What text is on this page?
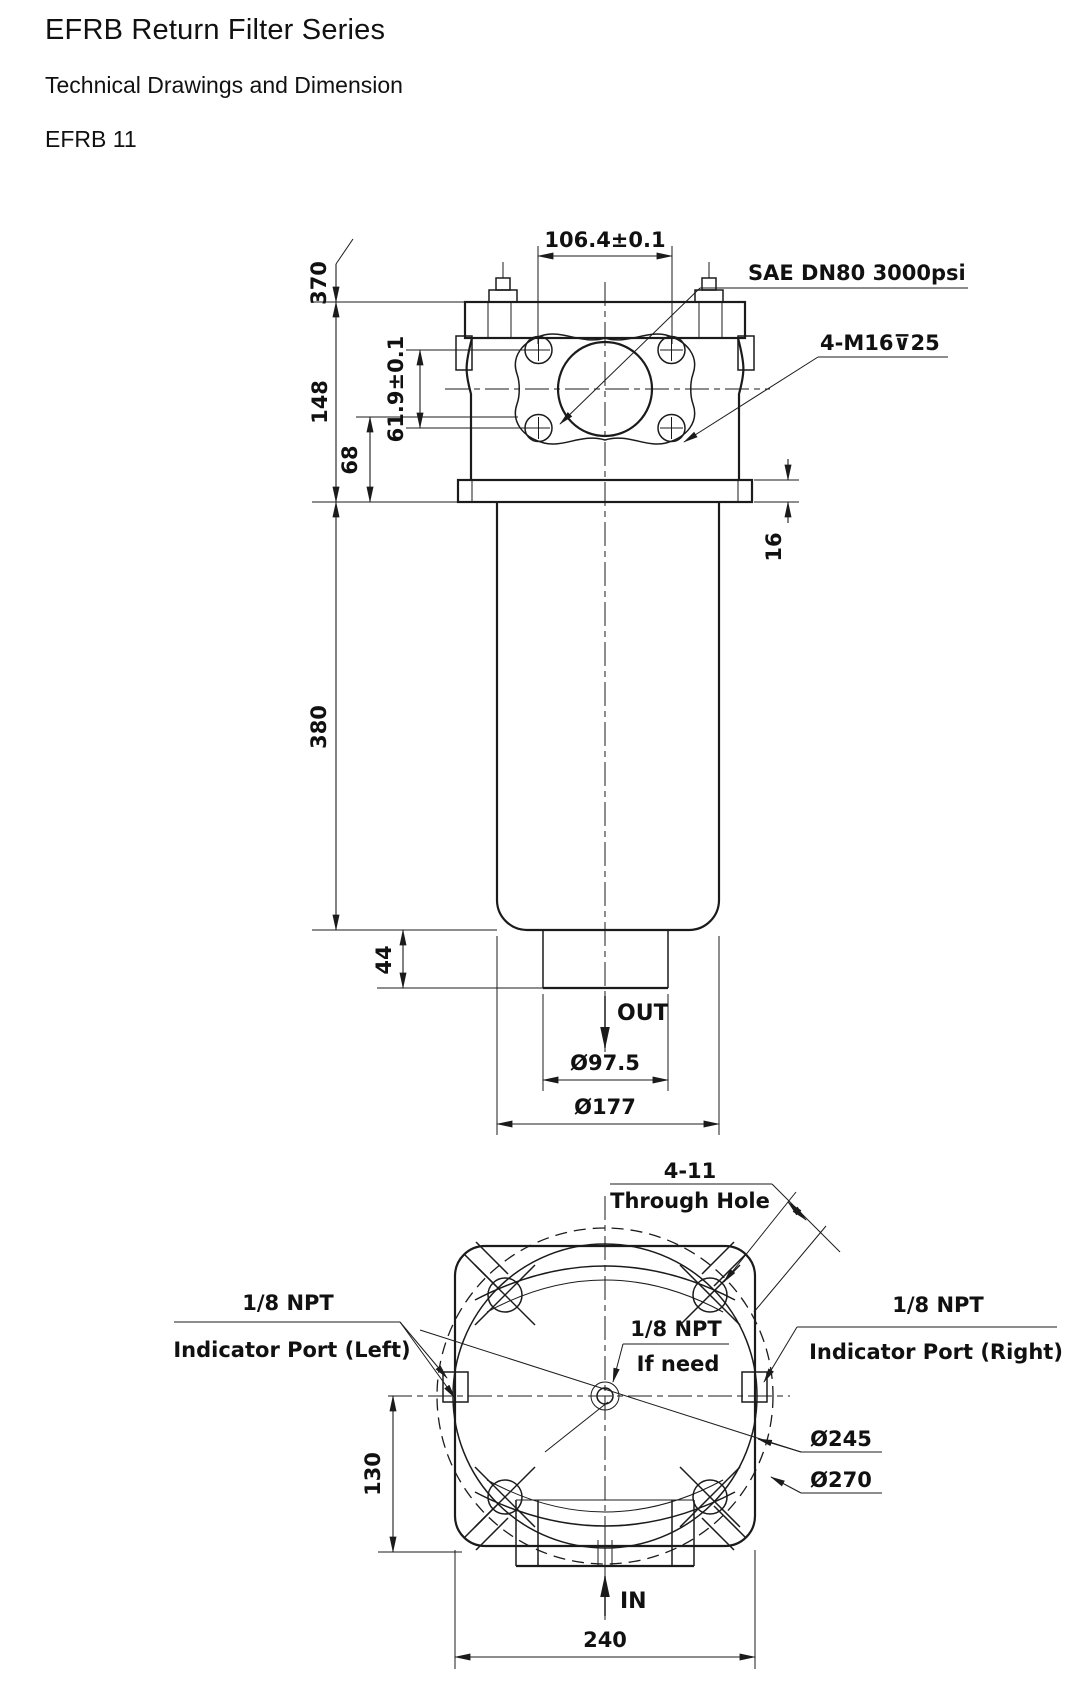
EFRB Return Filter Series
Technical Drawings and Dimension
EFRB 11
106.4±0.1
370
148
68
61.9±0.1
16
380
44
OUT
Ø97.5
Ø177
SAE DN80 3000psi
4-M16⊽25
4-11
Through Hole
1/8 NPT
Indicator Port (Left)
1/8 NPT
If need
1/8 NPT
Indicator Port (Right)
Ø245
Ø270
130
IN
240
